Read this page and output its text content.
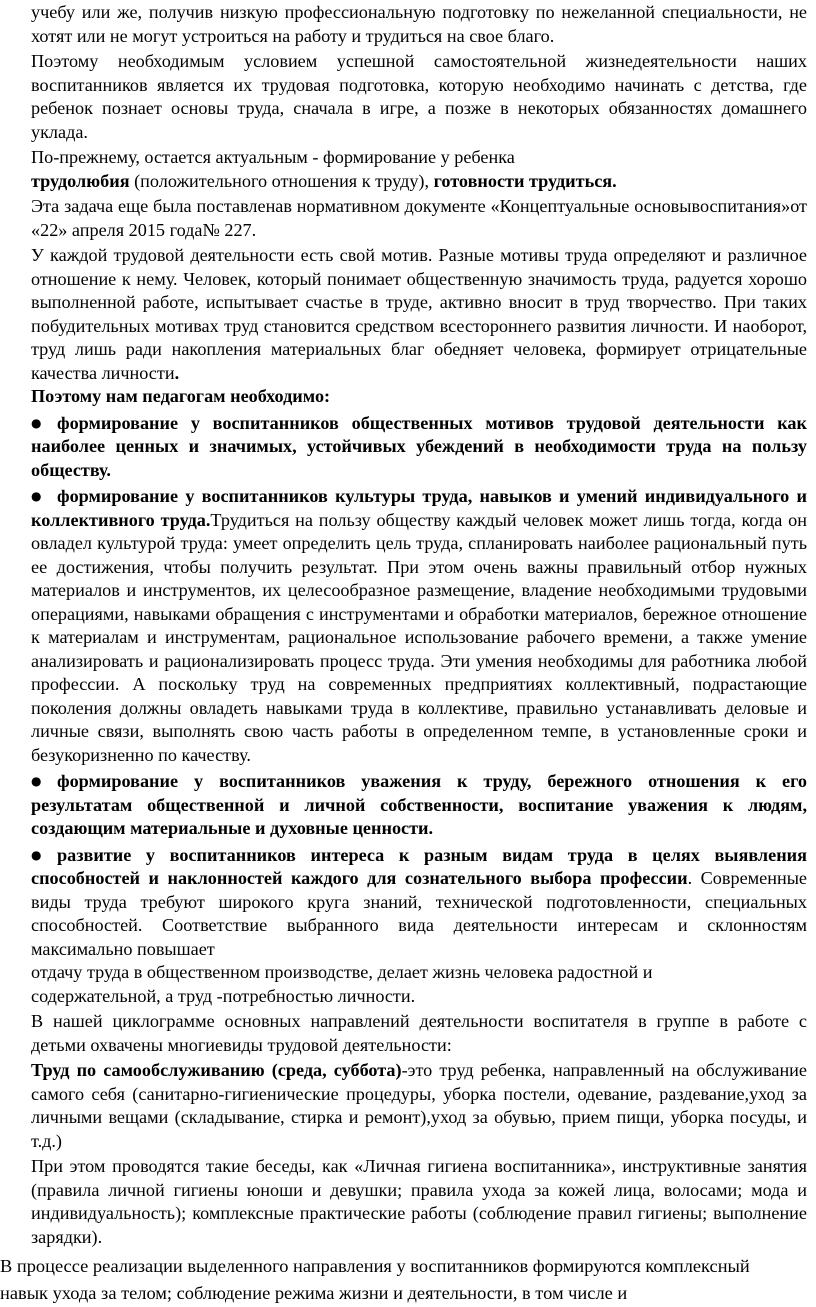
учебу или же, получив низкую профессиональную подготовку по нежеланной специальности, не хотят или не могут устроиться на работу и трудиться на свое благо.

Поэтому необходимым условием успешной самостоятельной жизнедеятельности наших воспитанников является их трудовая подготовка, которую необходимо начинать с детства, где ребенок познает основы труда, сначала в игре, а позже в некоторых обязанностях домашнего уклада.

По-прежнему, остается актуальным - формирование у ребенка

трудолюбия (положительного отношения к труду), готовности трудиться.

Эта задача еще была поставленав нормативном документе «Концептуальные основывоспитания»от «22» апреля 2015 года№ 227.

У каждой трудовой деятельности есть свой мотив. Разные мотивы труда определяют и различное отношение к нему. Человек, который понимает общественную значимость труда, радуется хорошо выполненной работе, испытывает счастье в труде, активно вносит в труд творчество. При таких побудительных мотивах труд становится средством всестороннего развития личности. И наоборот, труд лишь ради накопления материальных благ обедняет человека, формирует отрицательные качества личности.

Поэтому нам педагогам необходимо:

● формирование у воспитанников общественных мотивов трудовой деятельности как наиболее ценных и значимых, устойчивых убеждений в необходимости труда на пользу обществу.

● формирование у воспитанников культуры труда, навыков и умений индивидуального и коллективного труда.Трудиться на пользу обществу каждый человек может лишь тогда, когда он овладел культурой труда: умеет определить цель труда, спланировать наиболее рациональный путь ее достижения, чтобы получить результат. При этом очень важны правильный отбор нужных материалов и инструментов, их целесообразное размещение, владение необходимыми трудовыми операциями, навыками обращения с инструментами и обработки материалов, бережное отношение к материалам и инструментам, рациональное использование рабочего времени, а также умение анализировать и рационализировать процесс труда. Эти умения необходимы для работника любой профессии. А поскольку труд на современных предприятиях коллективный, подрастающие поколения должны овладеть навыками труда в коллективе, правильно устанавливать деловые и личные связи, выполнять свою часть работы в определенном темпе, в установленные сроки и безукоризненно по качеству.

● формирование у воспитанников уважения к труду, бережного отношения к его результатам общественной и личной собственности, воспитание уважения к людям, создающим материальные и духовные ценности.

● развитие у воспитанников интереса к разным видам труда в целях выявления способностей и наклонностей каждого для сознательного выбора профессии. Современные виды труда требуют широкого круга знаний, технической подготовленности, специальных способностей. Соответствие выбранного вида деятельности интересам и склонностям максимально повышает

отдачу труда в общественном производстве, делает жизнь человека радостной и

содержательной, а труд -потребностью личности.

В нашей циклограмме основных направлений деятельности воспитателя в группе в работе с детьми охвачены многиевиды трудовой деятельности:

Труд по самообслуживанию (среда, суббота)-это труд ребенка, направленный на обслуживание самого себя (санитарно-гигиенические процедуры, уборка постели, одевание, раздевание,уход за личными вещами (складывание, стирка и ремонт),уход за обувью, прием пищи, уборка посуды, и т.д.)

При этом проводятся такие беседы, как «Личная гигиена воспитанника», инструктивные занятия (правила личной гигиены юноши и девушки; правила ухода за кожей лица, волосами; мода и индивидуальность); комплексные практические работы (соблюдение правил гигиены; выполнение зарядки).

В процессе реализации выделенного направления у воспитанников формируются комплексный

навык ухода за телом; соблюдение режима жизни и деятельности, в том числе и
